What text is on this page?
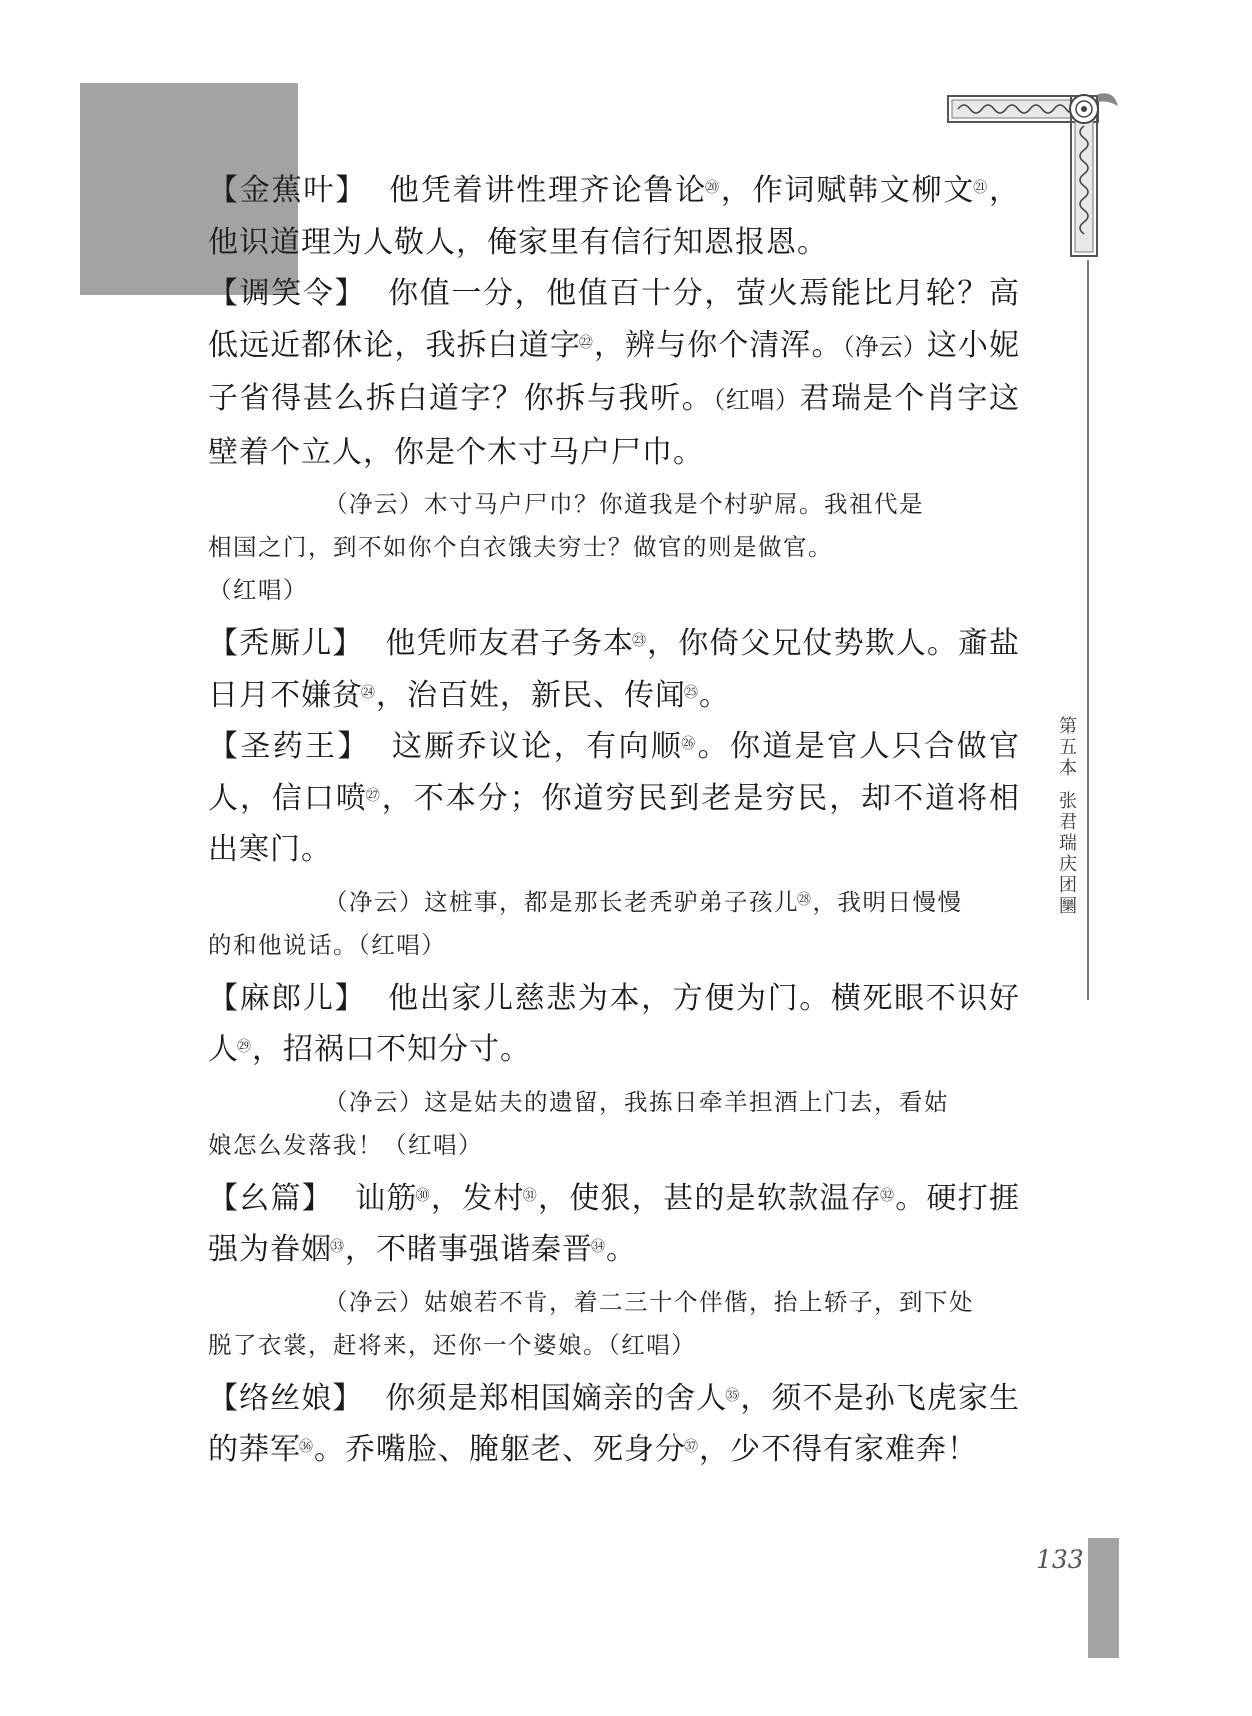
第五本
张君瑞庆团圞
133

【金蕉叶】 他凭着讲性理齐论鲁论⑳，作词赋韩文柳文$^㉑$，他识道理为人敬人，俺家里有信行知恩报恩。

【调笑令】 你值一分，他值百十分，萤火焉能比月轮？高低远近都休论，我拆白道字$^㉒$，辨与你个清浑。（净云）这小妮子省得甚么拆白道字？你拆与我听。（红唱）君瑞是个肖字这壁着个立人，你是个木寸马户尸巾。

（净云）木寸马户尸巾？你道我是个村驴屌。我祖代是
相国之门，到不如你个白衣饿夫穷士？做官的则是做官。
（红唱）

【秃厮儿】 他凭师友君子务本$^㉓$，你倚父兄仗势欺人。齑盐日月不嫌贫$^㉔$，治百姓，新民、传闻$^㉕$。

【圣药王】 这厮乔议论，有向顺$^㉖$。你道是官人只合做官人，信口喷$^㉗$，不本分；你道穷民到老是穷民，却不道将相出寒门。

（净云）这桩事，都是那长老秃驴弟子孩儿$^㉘$，我明日慢慢
的和他说话。（红唱）

【麻郎儿】 他出家儿慈悲为本，方便为门。横死眼不识好人$^㉙$，招祸口不知分寸。

（净云）这是姑夫的遗留，我拣日牵羊担酒上门去，看姑
娘怎么发落我！（红唱）

【幺篇】 讪筋$^㉚$，发村$^㉛$，使狠，甚的是软款温存$^㉜$。硬打捱强为眷姻$^㉝$，不睹事强谐秦晋$^㉞$。

（净云）姑娘若不肯，着二三十个伴偕，抬上轿子，到下处
脱了衣裳，赶将来，还你一个婆娘。（红唱）

【络丝娘】 你须是郑相国嫡亲的舍人$^㉟$，须不是孙飞虎家生的莽军$^㊱$。乔嘴脸、腌躯老、死身分$^㊲$，少不得有家难奔！
